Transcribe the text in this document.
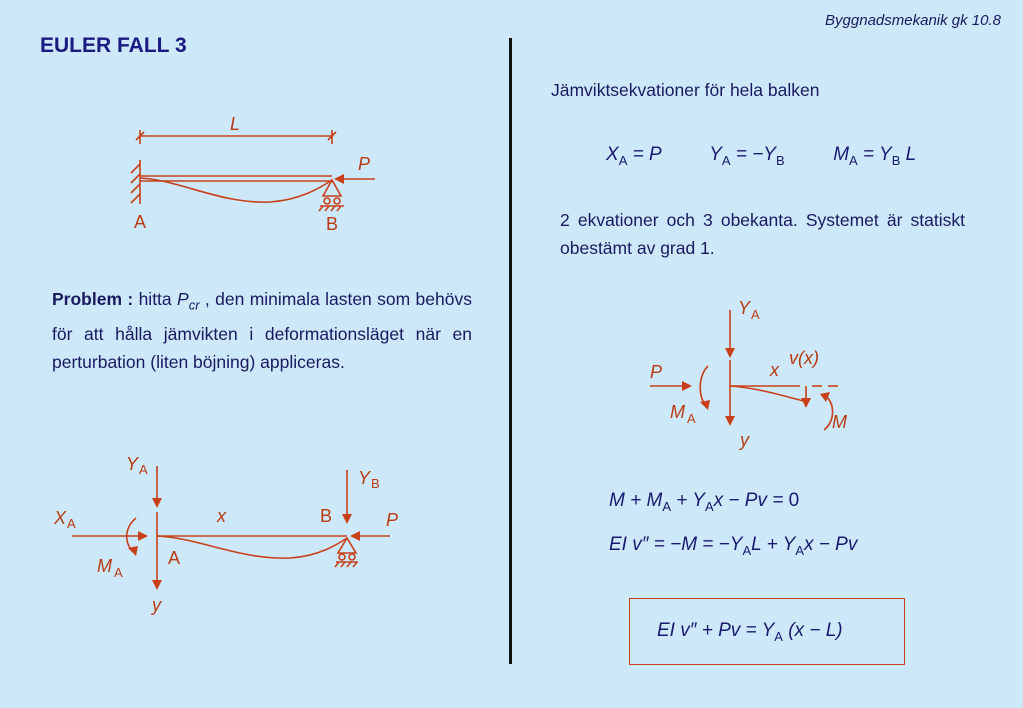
Byggnadsmekanik gk 10.8
EULER FALL 3
L
P
A	B
Problem : hitta $P_{cr}$ , den minimala lasten som behövs för att hålla jämvikten i deformationsläget när en perturbation (liten böjning) appliceras.
Y A	Y B
X A	x	B	P
M A
A
y
Jämviktsekvationer för hela balken
$X_A = P$	$Y_A = -Y_B$	$M_A = Y_B$ L
2 ekvationer och 3 obekanta. Systemet är statiskt obestämt av grad 1.
Y A
v(x)
P	x
M A	M
y
$M + M_A + Y_Ax - Pv = 0$
EI $v'' = -M = -Y_AL + Y_Ax - Pv$
EI $v'' + Pv = Y_A$ (x − L)
